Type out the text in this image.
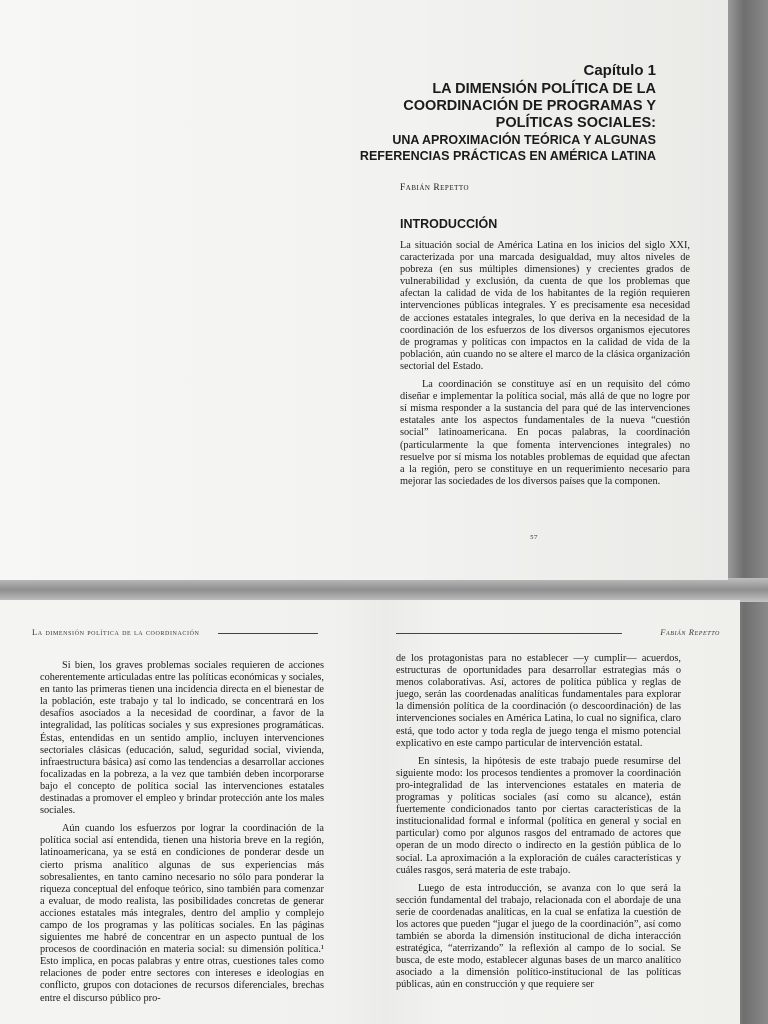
Capítulo 1
LA DIMENSIÓN POLÍTICA DE LA
COORDINACIÓN DE PROGRAMAS Y
POLÍTICAS SOCIALES:
UNA APROXIMACIÓN TEÓRICA Y ALGUNAS
REFERENCIAS PRÁCTICAS EN AMÉRICA LATINA
Fabián Repetto
INTRODUCCIÓN

La situación social de América Latina en los inicios del siglo XXI, caracterizada por una marcada desigualdad, muy altos niveles de pobreza (en sus múltiples dimensiones) y crecientes grados de vulnerabilidad y exclusión, da cuenta de que los problemas que afectan la calidad de vida de los habitantes de la región requieren intervenciones públicas integrales. Y es precisamente esa necesidad de acciones estatales integrales, lo que deriva en la necesidad de la coordinación de los esfuerzos de los diversos organismos ejecutores de programas y políticas con impactos en la calidad de vida de la población, aún cuando no se altere el marco de la clásica organización sectorial del Estado.

La coordinación se constituye así en un requisito del cómo diseñar e implementar la política social, más allá de que no logre por sí misma responder a la sustancia del para qué de las intervenciones estatales ante los aspectos fundamentales de la nueva “cuestión social” latinoamericana. En pocas palabras, la coordinación (particularmente la que fomenta intervenciones integrales) no resuelve por sí misma los notables problemas de equidad que afectan a la región, pero se constituye en un requerimiento necesario para mejorar las sociedades de los diversos países que la componen.

⁵⁷
La dimensión política de la coordinación	Fabián Repetto

Si bien, los graves problemas sociales requieren de acciones coherentemente articuladas entre las políticas económicas y sociales, en tanto las primeras tienen una incidencia directa en el bienestar de la población, este trabajo y tal lo indicado, se concentrará en los desafíos asociados a la necesidad de coordinar, a favor de la integralidad, las políticas sociales y sus expresiones programáticas. Éstas, entendidas en un sentido amplio, incluyen intervenciones sectoriales clásicas (educación, salud, seguridad social, vivienda, infraestructura básica) así como las tendencias a desarrollar acciones focalizadas en la pobreza, a la vez que también deben incorporarse bajo el concepto de política social las intervenciones estatales destinadas a promover el empleo y brindar protección ante los males sociales.

Aún cuando los esfuerzos por lograr la coordinación de la política social así entendida, tienen una historia breve en la región, latinoamericana, ya se está en condiciones de ponderar desde un cierto prisma analítico algunas de sus experiencias más sobresalientes, en tanto camino necesario no sólo para ponderar la riqueza conceptual del enfoque teórico, sino también para comenzar a evaluar, de modo realista, las posibilidades concretas de generar acciones estatales más integrales, dentro del amplio y complejo campo de los programas y las políticas sociales. En las páginas siguientes me habré de concentrar en un aspecto puntual de los procesos de coordinación en materia social: su dimensión política.¹ Esto implica, en pocas palabras y entre otras, cuestiones tales como relaciones de poder entre sectores con intereses e ideologías en conflicto, grupos con dotaciones de recursos diferenciales, brechas entre el discurso público pro-

de los protagonistas para no establecer —y cumplir— acuerdos, estructuras de oportunidades para desarrollar estrategias más o menos colaborativas. Así, actores de política pública y reglas de juego, serán las coordenadas analíticas fundamentales para explorar la dimensión política de la coordinación (o descoordinación) de las intervenciones sociales en América Latina, lo cual no significa, claro está, que todo actor y toda regla de juego tenga el mismo potencial explicativo en este campo particular de intervención estatal.

En síntesis, la hipótesis de este trabajo puede resumirse del siguiente modo: los procesos tendientes a promover la coordinación pro-integralidad de las intervenciones estatales en materia de programas y políticas sociales (así como su alcance), están fuertemente condicionados tanto por ciertas características de la institucionalidad formal e informal (política en general y social en particular) como por algunos rasgos del entramado de actores que operan de un modo directo o indirecto en la gestión pública de lo social. La aproximación a la exploración de cuáles características y cuáles rasgos, será materia de este trabajo.

Luego de esta introducción, se avanza con lo que será la sección fundamental del trabajo, relacionada con el abordaje de una serie de coordenadas analíticas, en la cual se enfatiza la cuestión de los actores que pueden “jugar el juego de la coordinación”, así como también se aborda la dimensión institucional de dicha interacción estratégica, “aterrizando” la reflexión al campo de lo social. Se busca, de este modo, establecer algunas bases de un marco analítico asociado a la dimensión político-institucional de las políticas públicas, aún en construcción y que requiere ser
